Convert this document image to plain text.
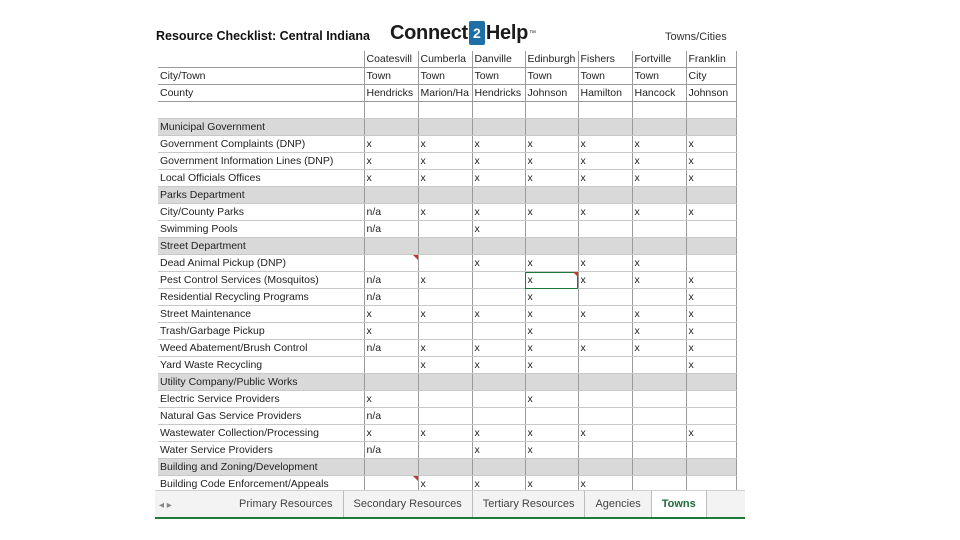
Resource Checklist: Central Indiana Connect 2 Help ™	Towns/Cities
	Coatesvill	Cumberla	Danville	Edinburgh	Fishers	Fortville	Franklin
City/Town	Town	Town	Town	Town	Town	Town	City
County	Hendricks	Marion/Ha	Hendricks	Johnson	Hamilton	Hancock	Johnson

Municipal Government							
Government Complaints (DNP)	x	x	x	x	x	x	x
Government Information Lines (DNP)	x	x	x	x	x	x	x
Local Officials Offices	x	x	x	x	x	x	x
Parks Department							
City/County Parks	n/a	x	x	x	x	x	x
Swimming Pools	n/a		x				
Street Department							
Dead Animal Pickup (DNP)			x	x	x	x	
Pest Control Services (Mosquitos)	n/a	x		x	x	x	x
Residential Recycling Programs	n/a			x			x
Street Maintenance	x	x	x	x	x	x	x
Trash/Garbage Pickup	x			x		x	x
Weed Abatement/Brush Control	n/a	x	x	x	x	x	x
Yard Waste Recycling		x	x	x			x
Utility Company/Public Works							
Electric Service Providers	x			x			
Natural Gas Service Providers	n/a						
Wastewater Collection/Processing	x	x	x	x	x		x
Water Service Providers	n/a		x	x			
Building and Zoning/Development							
Building Code Enforcement/Appeals		x	x	x	x		
◂ ▸	Primary Resources	Secondary Resources	Tertiary Resources	Agencies	Towns
